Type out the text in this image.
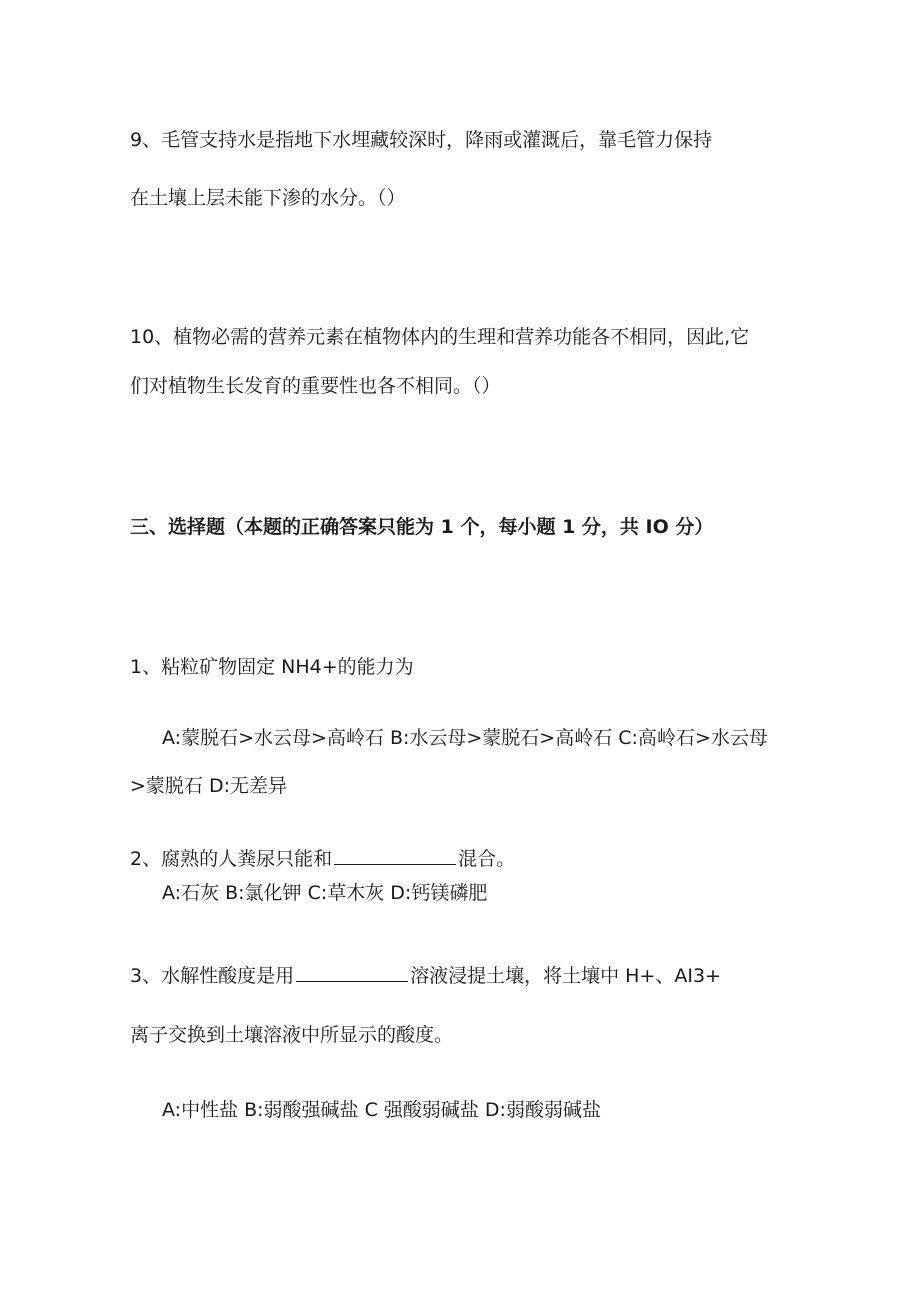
9、毛管支持水是指地下水埋藏较深时，降雨或灌溉后，靠毛管力保持
在土壤上层未能下渗的水分。（）
10、植物必需的营养元素在植物体内的生理和营养功能各不相同，因此,它
们对植物生长发育的重要性也各不相同。（）
三、选择题（本题的正确答案只能为 1 个，每小题 1 分，共 IO 分）
1、粘粒矿物固定 NH4+的能力为
A:蒙脱石>水云母>高岭石 B:水云母>蒙脱石>高岭石 C:高岭石>水云母
>蒙脱石 D:无差异
2、腐熟的人粪尿只能和	混合。
A:石灰 B:氯化钾 C:草木灰 D:钙镁磷肥
3、水解性酸度是用	溶液浸提土壤，将土壤中 H+、AI3+
离子交换到土壤溶液中所显示的酸度。
A:中性盐 B:弱酸强碱盐 C 强酸弱碱盐 D:弱酸弱碱盐
